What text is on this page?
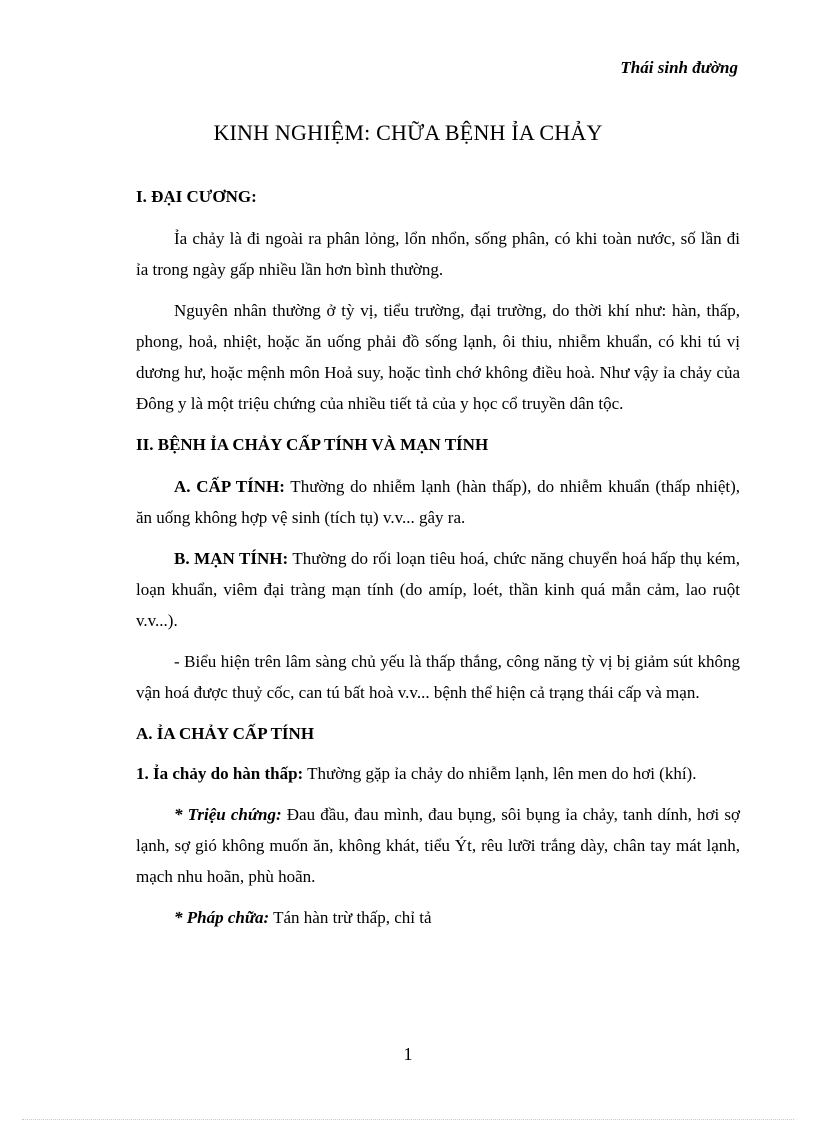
Thái sinh đường
KINH NGHIỆM: CHỮA BỆNH ỈA CHẢY

I. ĐẠI CƯƠNG:

Ỉa chảy là đi ngoài ra phân lỏng, lổn nhổn, sống phân, có khi toàn nước, số lần đi ỉa trong ngày gấp nhiều lần hơn bình thường.

Nguyên nhân thường ở tỳ vị, tiểu trường, đại trường, do thời khí như: hàn, thấp, phong, hoả, nhiệt, hoặc ăn uống phải đồ sống lạnh, ôi thiu, nhiễm khuẩn, có khi tú vị dương hư, hoặc mệnh môn Hoả suy, hoặc tình chớ không điều hoà. Như vậy ỉa chảy của Đông y là một triệu chứng của nhiều tiết tả của y học cổ truyền dân tộc.

II. BỆNH ỈA CHẢY CẤP TÍNH VÀ MẠN TÍNH

A. CẤP TÍNH: Thường do nhiễm lạnh (hàn thấp), do nhiễm khuẩn (thấp nhiệt), ăn uống không hợp vệ sinh (tích tụ) v.v... gây ra.

B. MẠN TÍNH: Thường do rối loạn tiêu hoá, chức năng chuyển hoá hấp thụ kém, loạn khuẩn, viêm đại tràng mạn tính (do amíp, loét, thần kinh quá mẫn cảm, lao ruột v.v...).

- Biểu hiện trên lâm sàng chủ yếu là thấp thắng, công năng tỳ vị bị giảm sút không vận hoá được thuỷ cốc, can tú bất hoà v.v... bệnh thể hiện cả trạng thái cấp và mạn.

A. ỈA CHẢY CẤP TÍNH

1. Ỉa chảy do hàn thấp: Thường gặp ỉa chảy do nhiễm lạnh, lên men do hơi (khí).

* Triệu chứng: Đau đầu, đau mình, đau bụng, sôi bụng ỉa chảy, tanh dính, hơi sợ lạnh, sợ gió không muốn ăn, không khát, tiểu Ýt, rêu lưỡi trắng dày, chân tay mát lạnh, mạch nhu hoãn, phù hoãn.

* Pháp chữa: Tán hàn trừ thấp, chỉ tả

1
